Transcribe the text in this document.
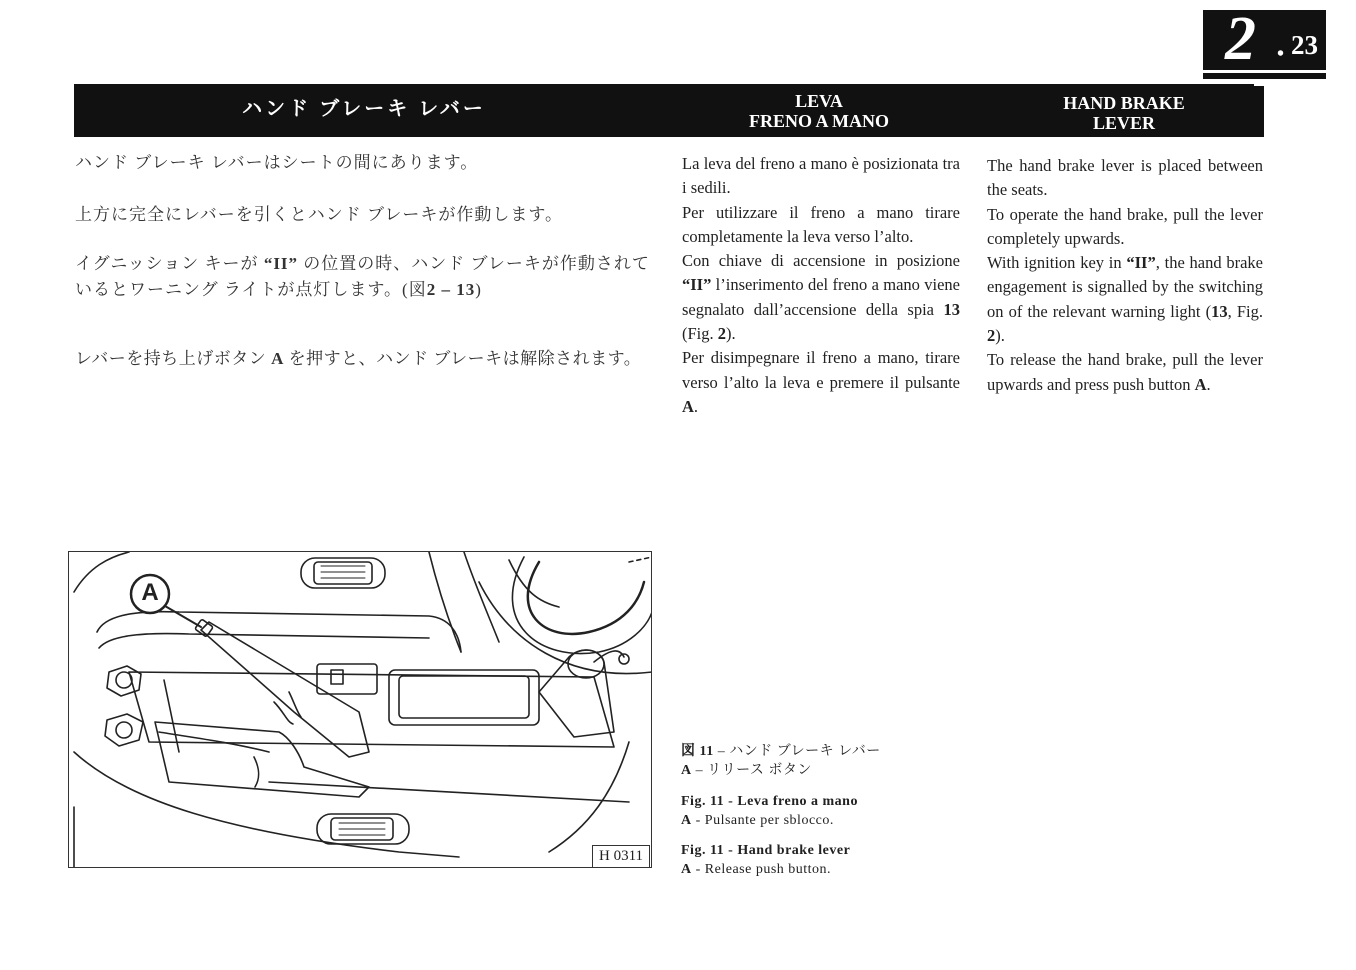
2 • 23
ハンド ブレーキ レバー	LEVA
FRENO A MANO
HAND BRAKE
LEVER
ハンド ブレーキ レバーはシートの間にあります。
上方に完全にレバーを引くとハンド ブレーキが作動します。
イグニッション キーが “II” の位置の時、ハンド ブレーキが作動されて
いるとワーニング ライトが点灯します。(図2 – 13)
レバーを持ち上げボタン A を押すと、ハンド ブレーキは解除されます。

La leva del freno a mano è posizionata tra i sedili.

Per utilizzare il freno a mano tirare completamente la leva verso l’alto.

Con chiave di accensione in posizione “II” l’inserimento del freno a mano viene segnalato dall’accensione della spia 13 (Fig. 2).

Per disimpegnare il freno a mano, tirare verso l’alto la leva e premere il pulsante A.

The hand brake lever is placed between the seats.

To operate the hand brake, pull the lever completely upwards.

With ignition key in “II”, the hand brake engagement is signalled by the switching on of the relevant warning light (13, Fig. 2).

To release the hand brake, pull the lever upwards and press push button A.

A
H 0311
図 11 – ハンド ブレーキ レバー
A – リリース ボタン
Fig. 11 - Leva freno a mano
A - Pulsante per sblocco.
Fig. 11 - Hand brake lever
A - Release push button.
